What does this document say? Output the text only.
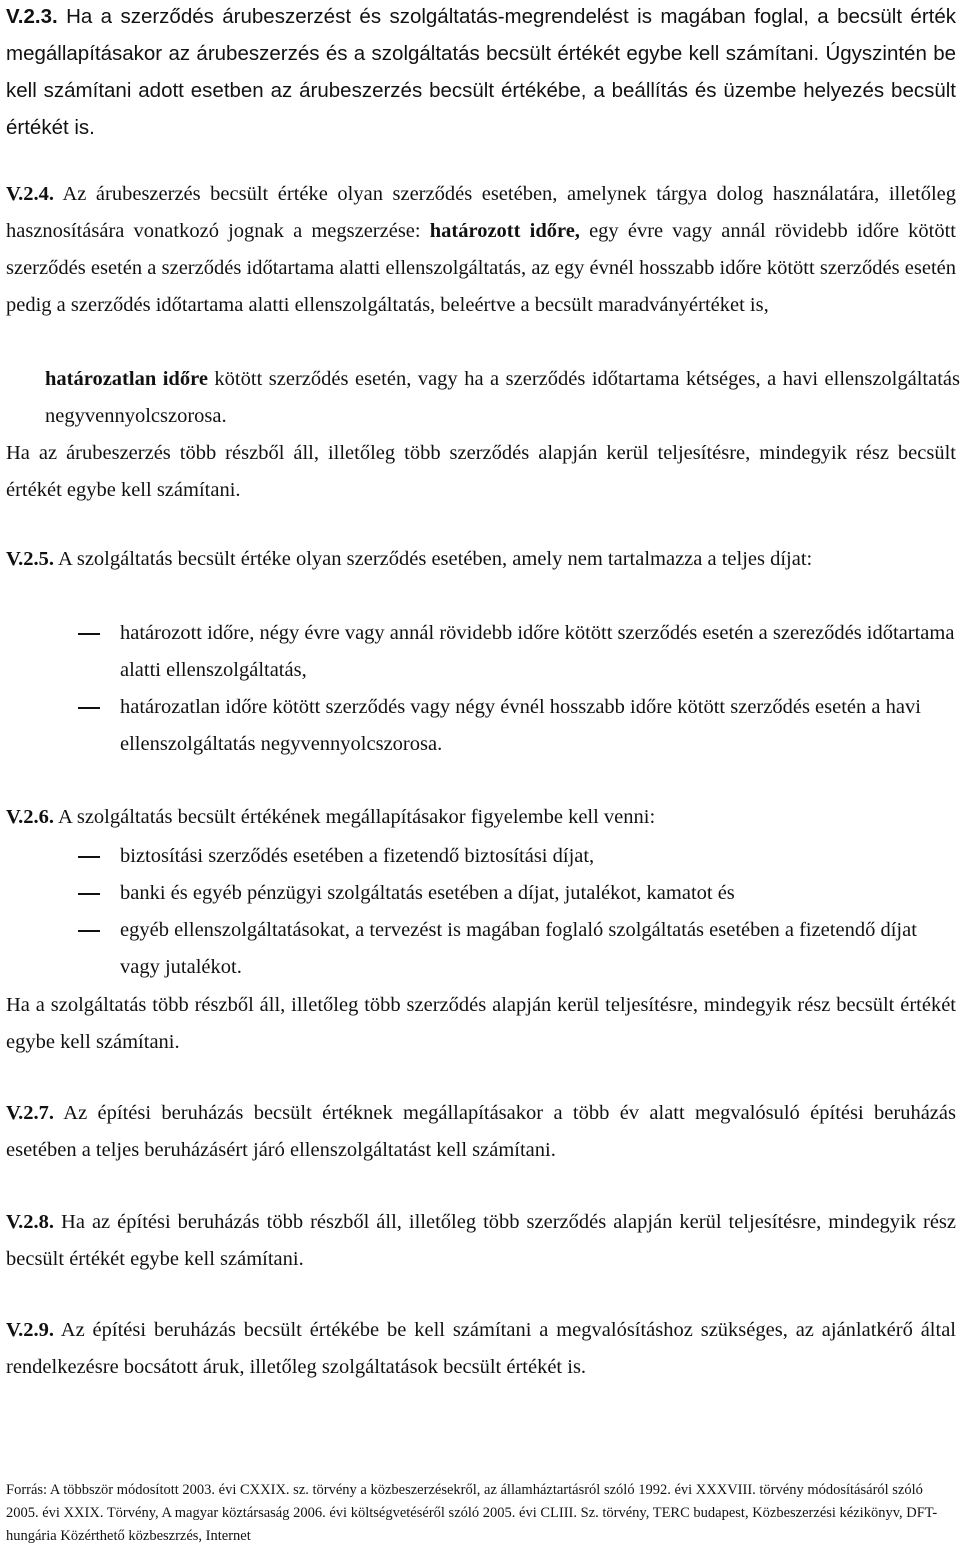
V.2.3. Ha a szerződés árubeszerzést és szolgáltatás-megrendelést is magában foglal, a becsült érték megállapításakor az árubeszerzés és a szolgáltatás becsült értékét egybe kell számítani. Úgyszintén be kell számítani adott esetben az árubeszerzés becsült értékébe, a beállítás és üzembe helyezés becsült értékét is.

V.2.4. Az árubeszerzés becsült értéke olyan szerződés esetében, amelynek tárgya dolog használatára, illetőleg hasznosítására vonatkozó jognak a megszerzése: határozott időre, egy évre vagy annál rövidebb időre kötött szerződés esetén a szerződés időtartama alatti ellenszolgáltatás, az egy évnél hosszabb időre kötött szerződés esetén pedig a szerződés időtartama alatti ellenszolgáltatás, beleértve a becsült maradványértéket is,

határozatlan időre kötött szerződés esetén, vagy ha a szerződés időtartama kétséges, a havi ellenszolgáltatás negyvennyolcszorosa.

Ha az árubeszerzés több részből áll, illetőleg több szerződés alapján kerül teljesítésre, mindegyik rész becsült értékét egybe kell számítani.

V.2.5. A szolgáltatás becsült értéke olyan szerződés esetében, amely nem tartalmazza a teljes díjat:

határozott időre, négy évre vagy annál rövidebb időre kötött szerződés esetén a szereződés időtartama alatti ellenszolgáltatás,
határozatlan időre kötött szerződés vagy négy évnél hosszabb időre kötött szerződés esetén a havi ellenszolgáltatás negyvennyolcszorosa.

V.2.6. A szolgáltatás becsült értékének megállapításakor figyelembe kell venni:

biztosítási szerződés esetében a fizetendő biztosítási díjat,
banki és egyéb pénzügyi szolgáltatás esetében a díjat, jutalékot, kamatot és
egyéb ellenszolgáltatásokat, a tervezést is magában foglaló szolgáltatás esetében a fizetendő díjat vagy jutalékot.

Ha a szolgáltatás több részből áll, illetőleg több szerződés alapján kerül teljesítésre, mindegyik rész becsült értékét egybe kell számítani.

V.2.7. Az építési beruházás becsült értéknek megállapításakor a több év alatt megvalósuló építési beruházás esetében a teljes beruházásért járó ellenszolgáltatást kell számítani.

V.2.8. Ha az építési beruházás több részből áll, illetőleg több szerződés alapján kerül teljesítésre, mindegyik rész becsült értékét egybe kell számítani.

V.2.9. Az építési beruházás becsült értékébe be kell számítani a megvalósításhoz szükséges, az ajánlatkérő által rendelkezésre bocsátott áruk, illetőleg szolgáltatások becsült értékét is.

Forrás: A többször módosított 2003. évi CXXIX. sz. törvény a közbeszerzésekről, az államháztartásról szóló 1992. évi XXXVIII. törvény módosításáról szóló 2005. évi XXIX. Törvény, A magyar köztársaság 2006. évi költségvetéséről szóló 2005. évi CLIII. Sz. törvény, TERC budapest, Közbeszerzési kézikönyv, DFT-hungária Közérthető közbeszrzés, Internet
